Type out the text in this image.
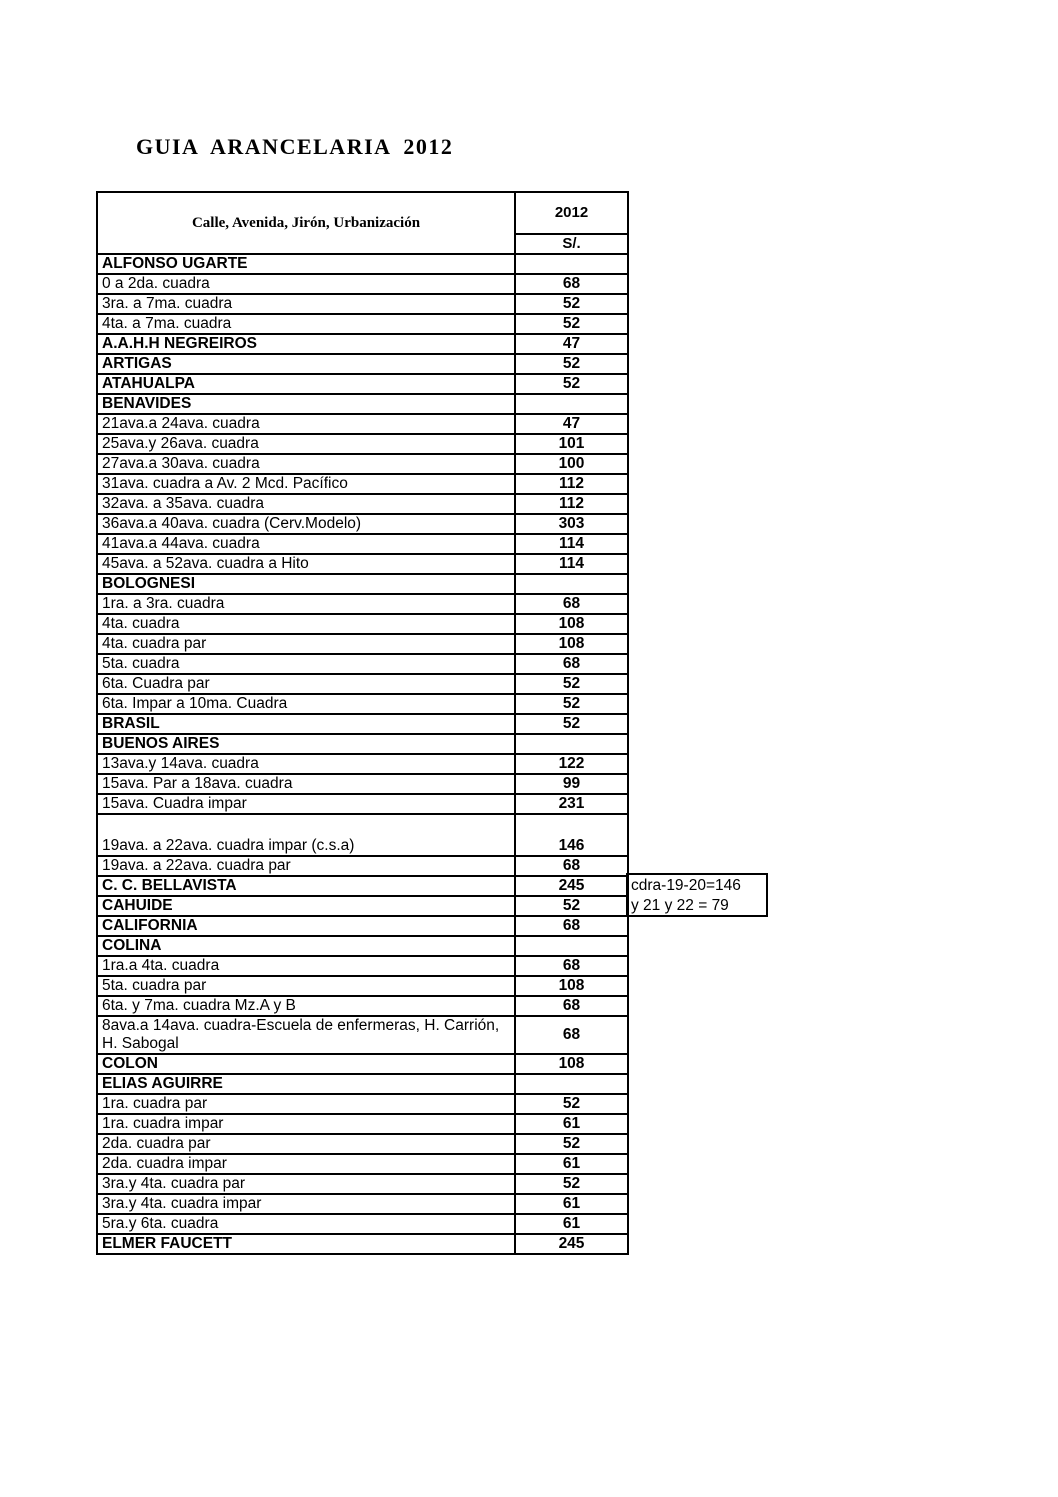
GUIA ARANCELARIA 2012
Calle, Avenida, Jirón, Urbanización	2012
	S/.
ALFONSO UGARTE	
0 a 2da. cuadra	68
3ra. a 7ma. cuadra	52
4ta. a 7ma. cuadra	52
A.A.H.H NEGREIROS	47
ARTIGAS	52
ATAHUALPA	52
BENAVIDES	
21ava.a 24ava. cuadra	47
25ava.y 26ava. cuadra	101
27ava.a 30ava. cuadra	100
31ava. cuadra a Av. 2 Mcd. Pacífico	112
32ava. a 35ava. cuadra	112
36ava.a 40ava. cuadra (Cerv.Modelo)	303
41ava.a 44ava. cuadra	114
45ava. a 52ava. cuadra a Hito	114
BOLOGNESI	
1ra. a 3ra. cuadra	68
4ta. cuadra	108
4ta. cuadra par	108
5ta. cuadra	68
6ta. Cuadra par	52
6ta. Impar a 10ma. Cuadra	52
BRASIL	52
BUENOS AIRES	
13ava.y 14ava. cuadra	122
15ava. Par a 18ava. cuadra	99
15ava. Cuadra impar	231
19ava. a 22ava. cuadra impar (c.s.a)	146
19ava. a 22ava. cuadra par	68
C. C. BELLAVISTA	245
CAHUIDE	52
CALIFORNIA	68
COLINA	
1ra.a 4ta. cuadra	68
5ta. cuadra par	108
6ta. y 7ma. cuadra Mz.A y B	68
8ava.a 14ava. cuadra-Escuela de enfermeras, H. Carrión, H. Sabogal	68
COLON	108
ELIAS AGUIRRE	
1ra. cuadra par	52
1ra. cuadra impar	61
2da. cuadra par	52
2da. cuadra impar	61
3ra.y 4ta. cuadra par	52
3ra.y 4ta. cuadra impar	61
5ra.y 6ta. cuadra	61
ELMER FAUCETT	245
cdra-19-20=146
y 21 y 22 = 79
